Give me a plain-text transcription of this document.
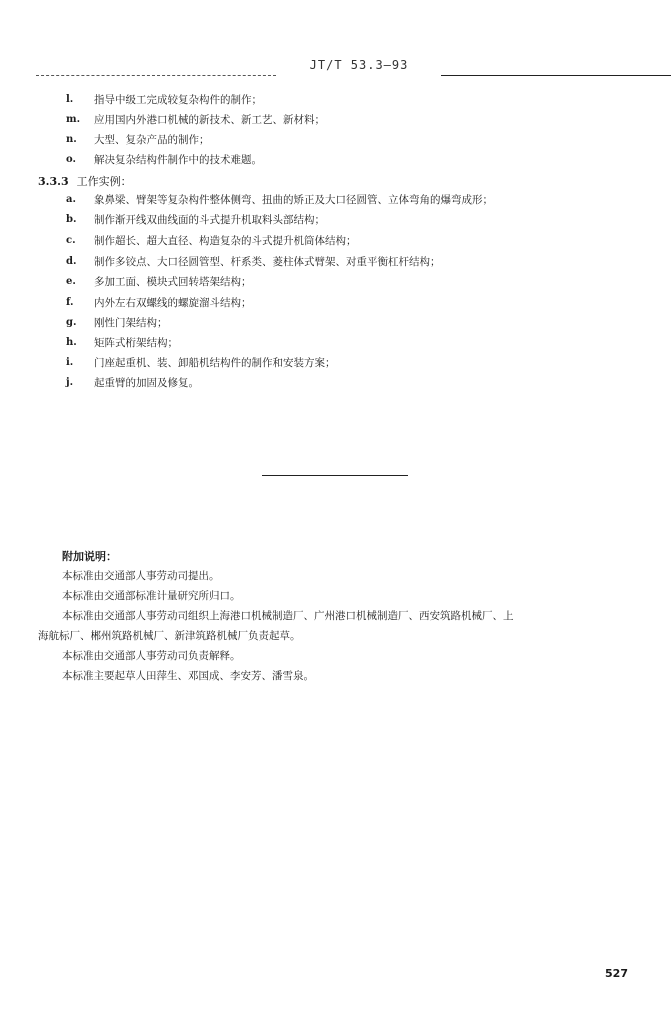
JT/T 53.3—93
l. 指导中级工完成较复杂构件的制作；
m. 应用国内外港口机械的新技术、新工艺、新材料；
n. 大型、复杂产品的制作；
o. 解决复杂结构件制作中的技术难题。
3.3.3 工作实例：
a. 象鼻梁、臂架等复杂构件整体侧弯、扭曲的矫正及大口径圆管、立体弯角的爆弯成形；
b. 制作渐开线双曲线面的斗式提升机取料头部结构；
c. 制作超长、超大直径、构造复杂的斗式提升机筒体结构；
d. 制作多铰点、大口径圆管型、杆系类、菱柱体式臂架、对重平衡杠杆结构；
e. 多加工面、模块式回转塔架结构；
f. 内外左右双螺线的螺旋溜斗结构；
g. 刚性门架结构；
h. 矩阵式桁架结构；
i. 门座起重机、装、卸船机结构件的制作和安装方案；
j. 起重臂的加固及修复。
附加说明：
本标准由交通部人事劳动司提出。
本标准由交通部标准计量研究所归口。
本标准由交通部人事劳动司组织上海港口机械制造厂、广州港口机械制造厂、西安筑路机械厂、上
海航标厂、郴州筑路机械厂、新津筑路机械厂负责起草。
本标准由交通部人事劳动司负责解释。
本标准主要起草人田萍生、邓国成、李安芳、潘雪泉。
527
